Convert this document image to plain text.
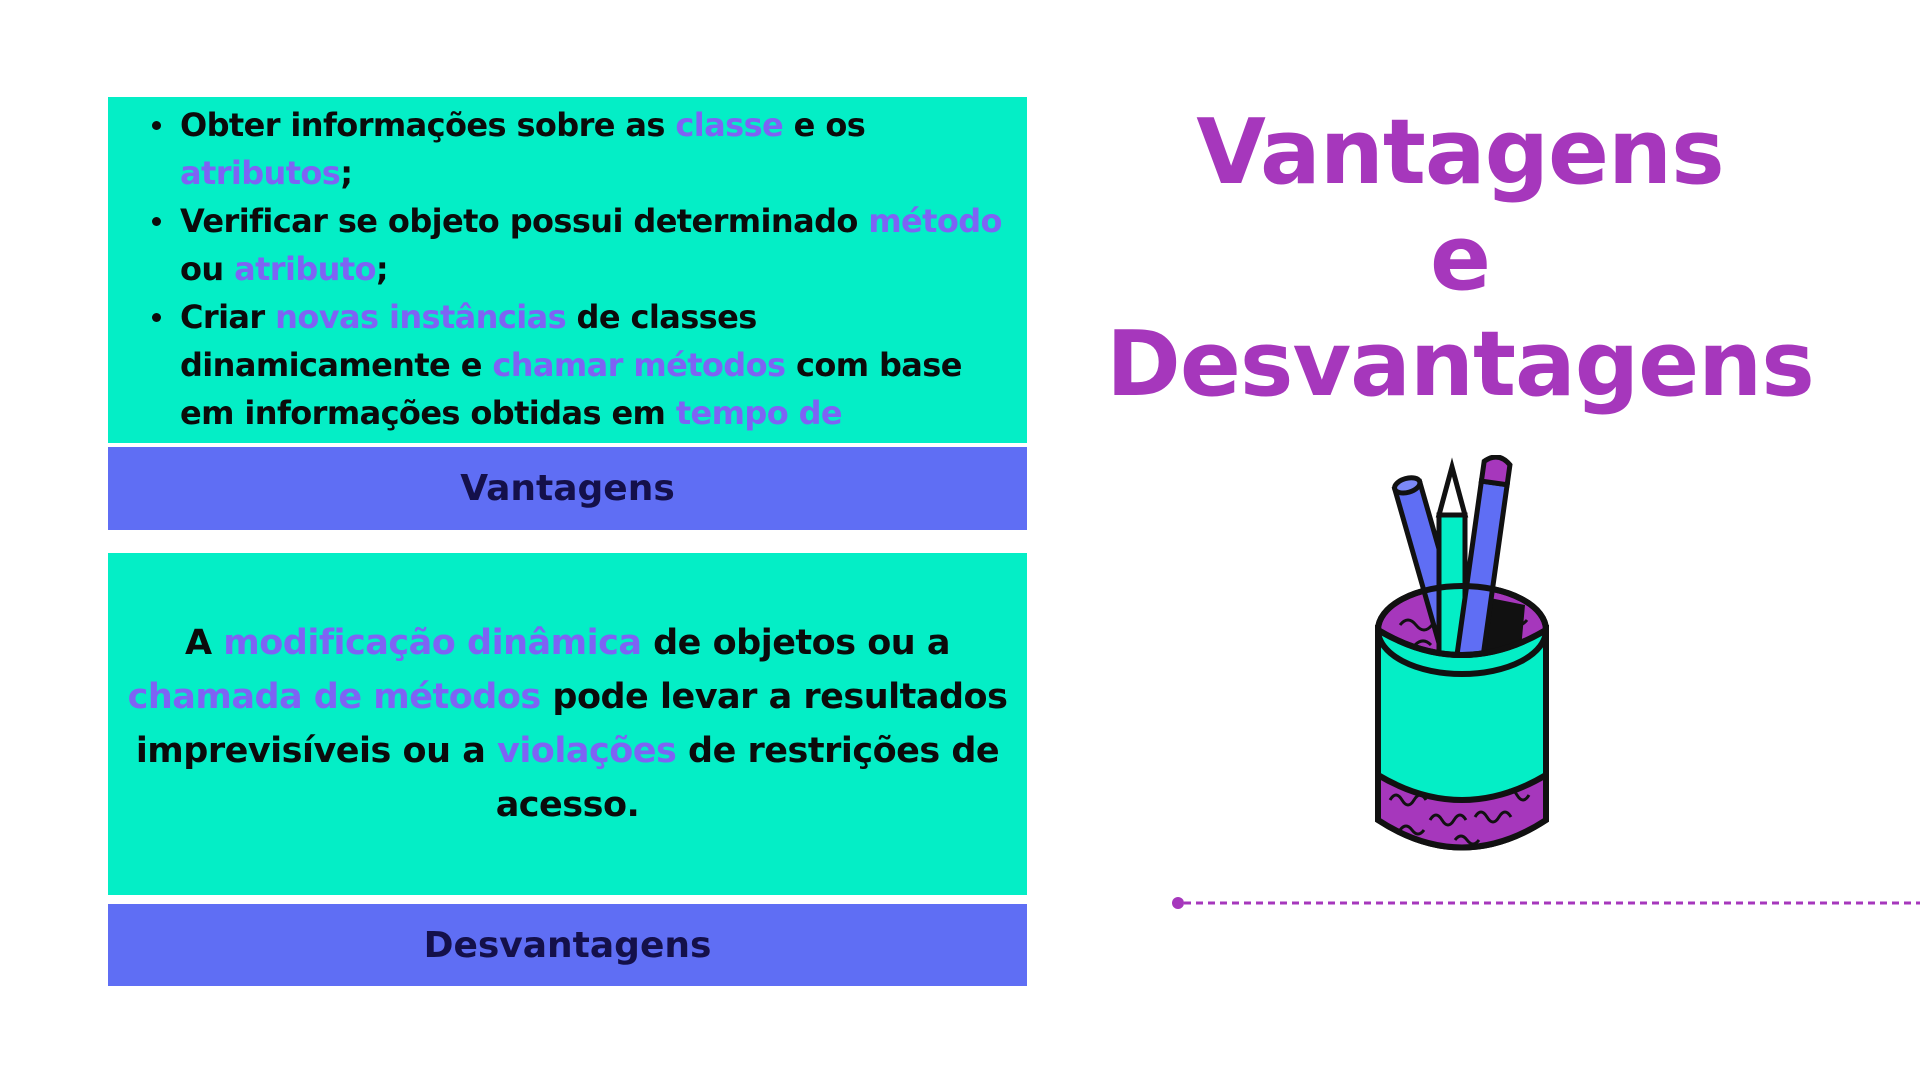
Obter informações sobre as classe e os atributos;
Verificar se objeto possui determinado método ou atributo;
Criar novas instâncias de classes dinamicamente e chamar métodos com base em informações obtidas em tempo de
Vantagens
A modificação dinâmica de objetos ou a chamada de métodos pode levar a resultados imprevisíveis ou a violações de restrições de acesso.
Desvantagens
Vantagens
e
Desvantagens
